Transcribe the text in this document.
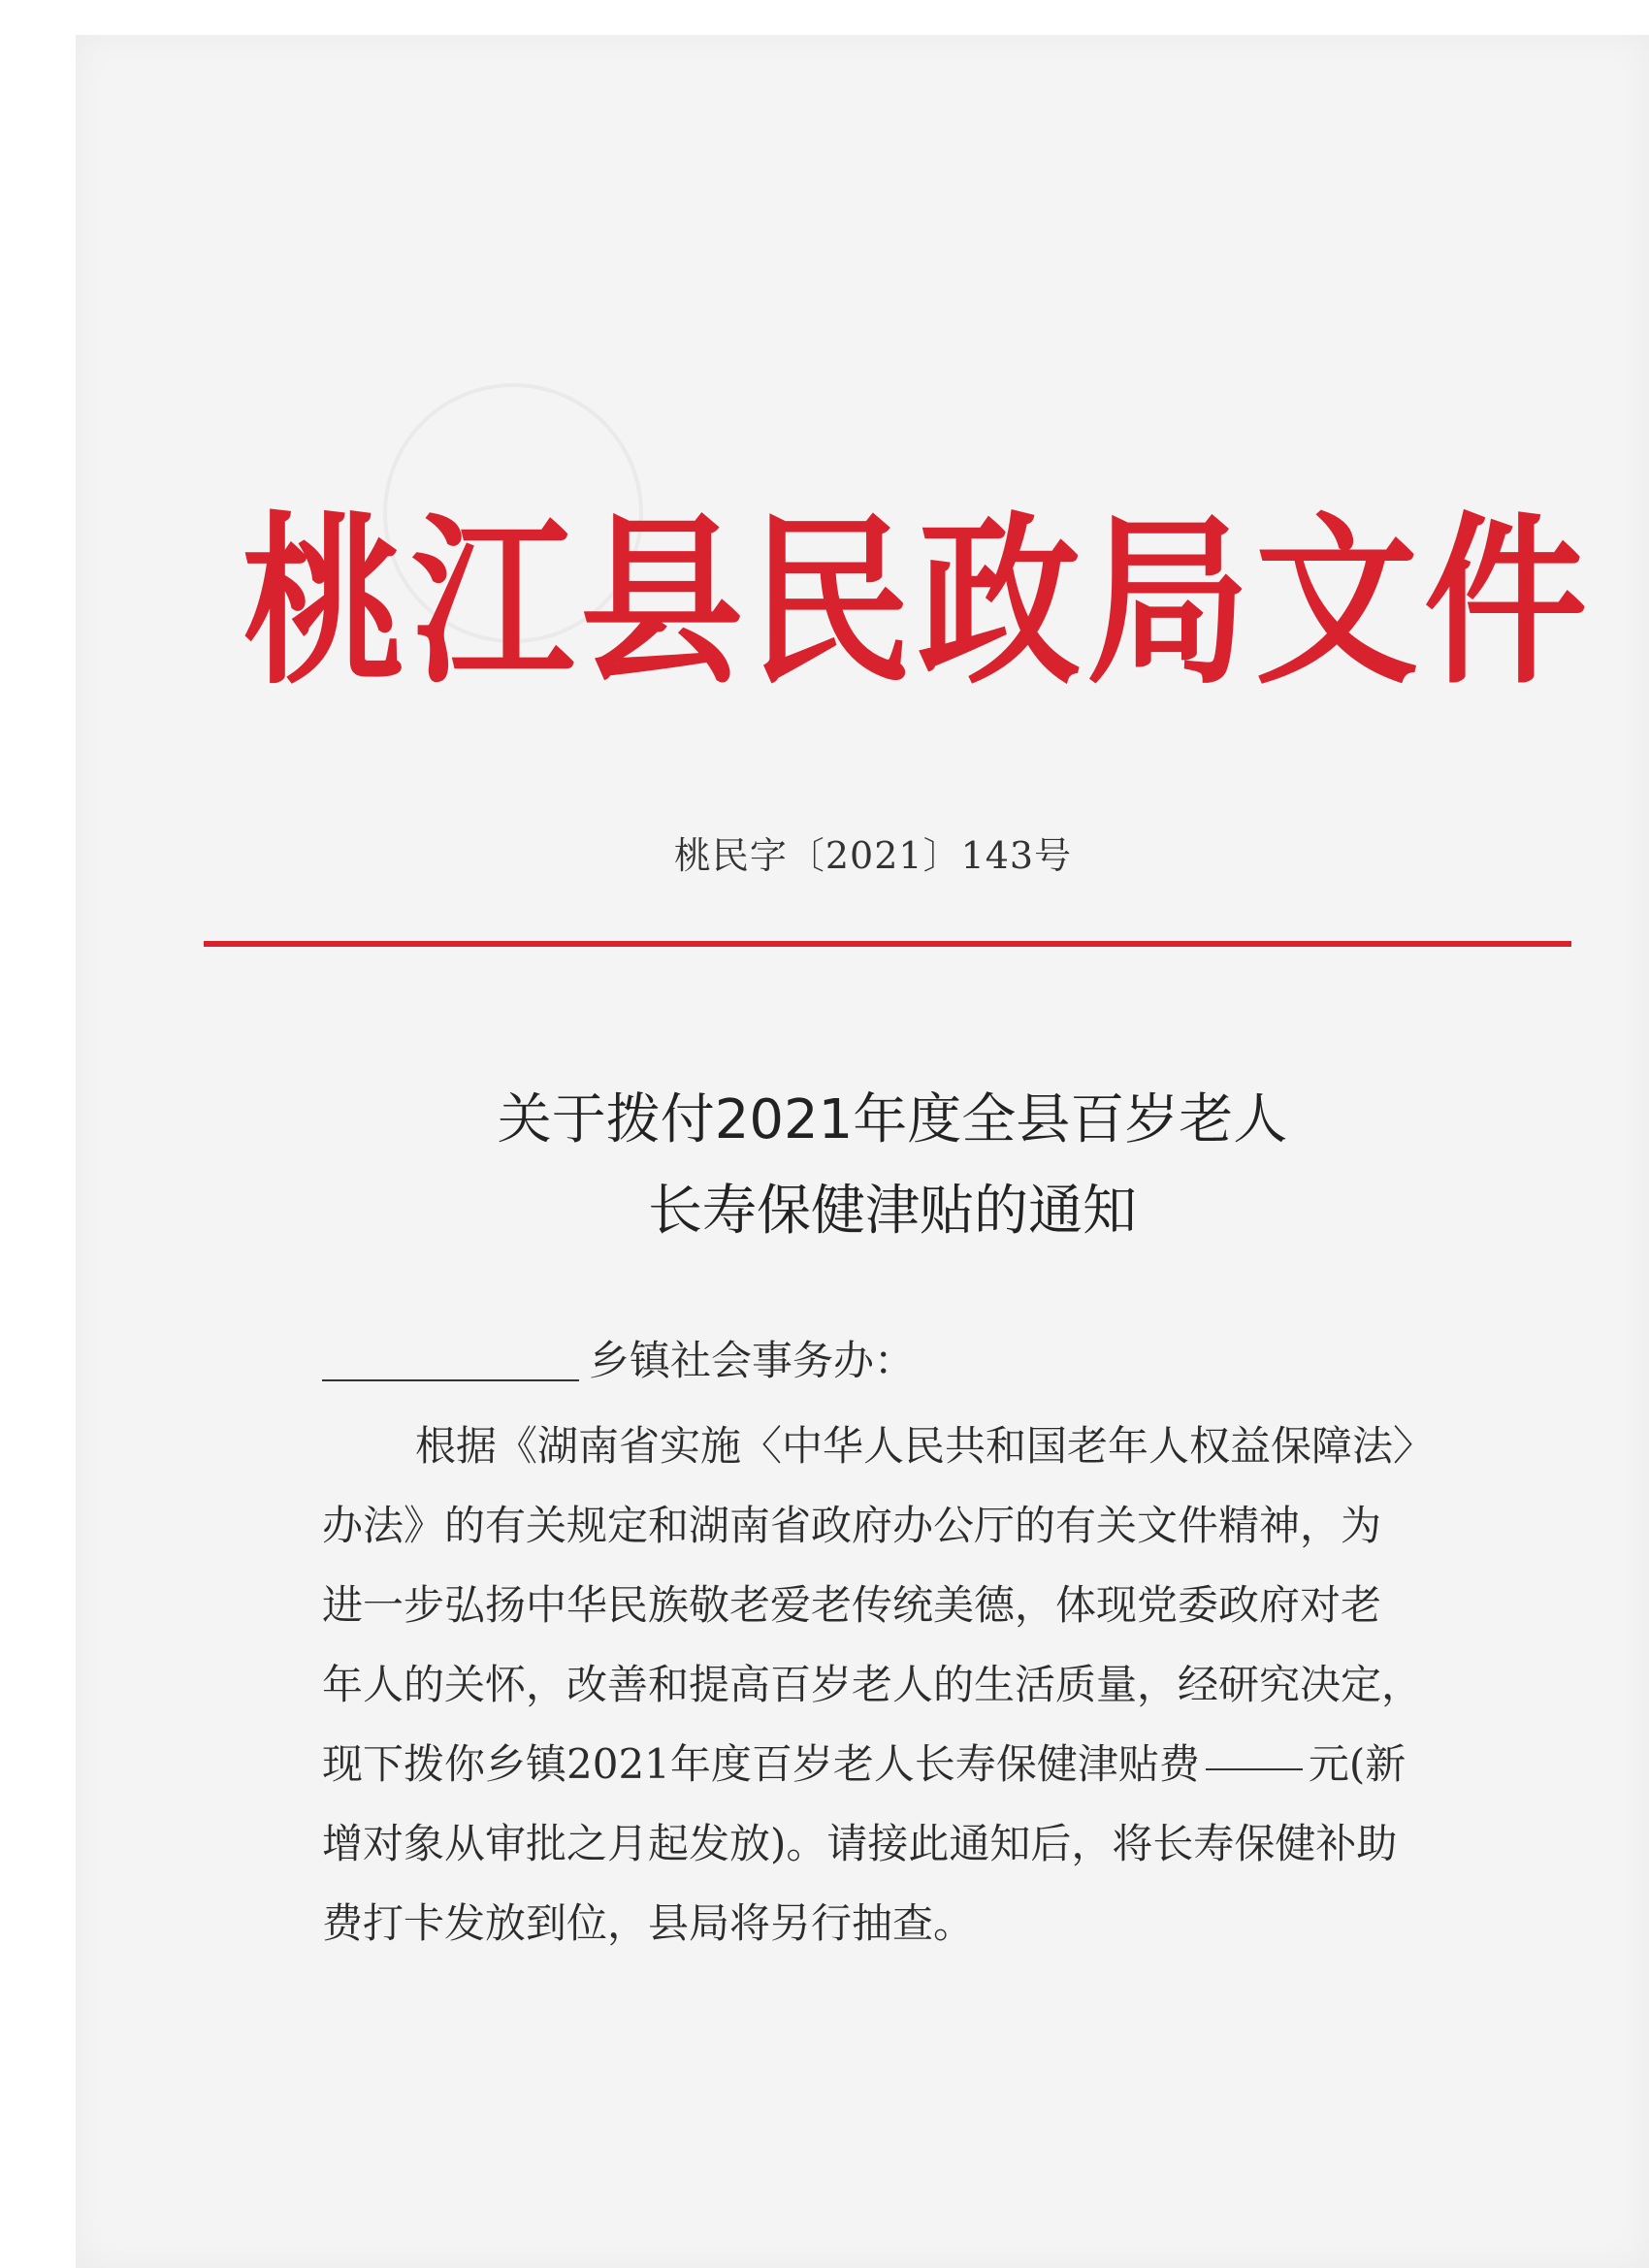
桃江县民政局文件
桃民字〔2021〕143号
关于拨付2021年度全县百岁老人
长寿保健津贴的通知
乡镇社会事务办：
根据《湖南省实施〈中华人民共和国老年人权益保障法〉
办法》的有关规定和湖南省政府办公厅的有关文件精神，为
进一步弘扬中华民族敬老爱老传统美德，体现党委政府对老
年人的关怀，改善和提高百岁老人的生活质量，经研究决定，
现下拨你乡镇2021年度百岁老人长寿保健津贴费	元(新
增对象从审批之月起发放)。请接此通知后，将长寿保健补助
费打卡发放到位，县局将另行抽查。
